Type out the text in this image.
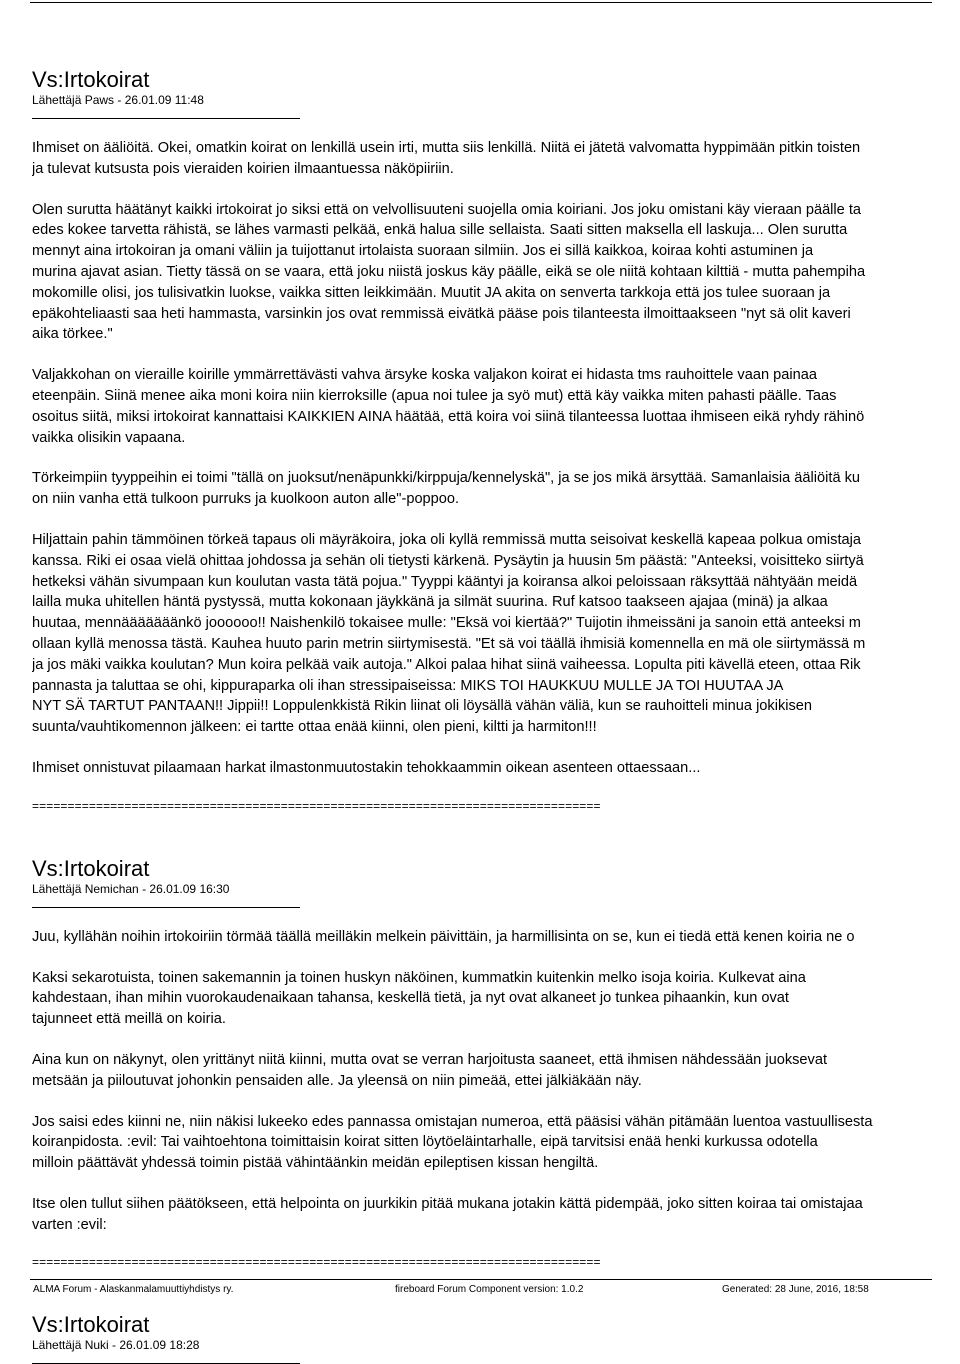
Vs:Irtokoirat
Lähettäjä Paws - 26.01.09 11:48
Ihmiset on ääliöitä. Okei, omatkin koirat on lenkillä usein irti, mutta siis lenkillä. Niitä ei jätetä valvomatta hyppimään pitkin toisten
ja tulevat kutsusta pois vieraiden koirien ilmaantuessa näköpiiriin.
Olen surutta häätänyt kaikki irtokoirat jo siksi että on velvollisuuteni suojella omia koiriani. Jos joku omistani käy vieraan päälle ta
edes kokee tarvetta rähistä, se lähes varmasti pelkää, enkä halua sille sellaista. Saati sitten maksella ell laskuja... Olen surutta
mennyt aina irtokoiran ja omani väliin ja tuijottanut irtolaista suoraan silmiin. Jos ei sillä kaikkoa, koiraa kohti astuminen ja
murina ajavat asian. Tietty tässä on se vaara, että joku niistä joskus käy päälle, eikä se ole niitä kohtaan kilttiä - mutta pahempiha
mokomille olisi, jos tulisivatkin luokse, vaikka sitten leikkimään. Muutit JA akita on senverta tarkkoja että jos tulee suoraan ja
epäkohteliaasti saa heti hammasta, varsinkin jos ovat remmissä eivätkä pääse pois tilanteesta ilmoittaakseen "nyt sä olit kaveri
aika törkee."
Valjakkohan on vieraille koirille ymmärrettävästi vahva ärsyke koska valjakon koirat ei hidasta tms rauhoittele vaan painaa
eteenpäin. Siinä menee aika moni koira niin kierroksille (apua noi tulee ja syö mut) että käy vaikka miten pahasti päälle. Taas
osoitus siitä, miksi irtokoirat kannattaisi KAIKKIEN AINA häätää, että koira voi siinä tilanteessa luottaa ihmiseen eikä ryhdy rähinö
vaikka olisikin vapaana.
Törkeimpiin tyyppeihin ei toimi "tällä on juoksut/nenäpunkki/kirppuja/kennelyskä", ja se jos mikä ärsyttää. Samanlaisia ääliöitä ku
on niin vanha että tulkoon purruks ja kuolkoon auton alle"-poppoo.
Hiljattain pahin tämmöinen törkeä tapaus oli mäyräkoira, joka oli kyllä remmissä mutta seisoivat keskellä kapeaa polkua omistaja
kanssa. Riki ei osaa vielä ohittaa johdossa ja sehän oli tietysti kärkenä. Pysäytin ja huusin 5m päästä: "Anteeksi, voisitteko siirtyä
hetkeksi vähän sivumpaan kun koulutan vasta tätä pojua." Tyyppi kääntyi ja koiransa alkoi peloissaan räksyttää nähtyään meidä
lailla muka uhitellen häntä pystyssä, mutta kokonaan jäykkänä ja silmät suurina. Ruf katsoo taakseen ajajaa (minä) ja alkaa
huutaa, mennääääääänkö joooooo!! Naishenkilö tokaisee mulle: "Eksä voi kiertää?" Tuijotin ihmeissäni ja sanoin että anteeksi m
ollaan kyllä menossa tästä. Kauhea huuto parin metrin siirtymisestä. "Et sä voi täällä ihmisiä komennella en mä ole siirtymässä m
ja jos mäki vaikka koulutan? Mun koira pelkää vaik autoja." Alkoi palaa hihat siinä vaiheessa. Lopulta piti kävellä eteen, ottaa Rik
pannasta ja taluttaa se ohi, kippuraparka oli ihan stressipaiseissa: MIKS TOI HAUKKUU MULLE JA TOI HUUTAA JA
NYT SÄ TARTUT PANTAAN!! Jippii!! Loppulenkkistä Rikin liinat oli löysällä vähän väliä, kun se rauhoitteli minua jokikisen
suunta/vauhtikomennon jälkeen: ei tartte ottaa enää kiinni, olen pieni, kiltti ja harmiton!!!
Ihmiset onnistuvat pilaamaan harkat ilmastonmuutostakin tehokkaammin oikean asenteen ottaessaan...
================================================================================
Vs:Irtokoirat
Lähettäjä Nemichan - 26.01.09 16:30
Juu, kyllähän noihin irtokoiriin törmää täällä meilläkin melkein päivittäin, ja harmillisinta on se, kun ei tiedä että kenen koiria ne o
Kaksi sekarotuista, toinen sakemannin ja toinen huskyn näköinen, kummatkin kuitenkin melko isoja koiria. Kulkevat aina
kahdestaan, ihan mihin vuorokaudenaikaan tahansa, keskellä tietä, ja nyt ovat alkaneet jo tunkea pihaankin, kun ovat
tajunneet että meillä on koiria.
Aina kun on näkynyt, olen yrittänyt niitä kiinni, mutta ovat se verran harjoitusta saaneet, että ihmisen nähdessään juoksevat
metsään ja piiloutuvat johonkin pensaiden alle. Ja yleensä on niin pimeää, ettei jälkiäkään näy.
Jos saisi edes kiinni ne, niin näkisi lukeeko edes pannassa omistajan numeroa, että pääsisi vähän pitämään luentoa vastuullisesta
koiranpidosta. :evil: Tai vaihtoehtona toimittaisin koirat sitten löytöeläintarhalle, eipä tarvitsisi enää henki kurkussa odotella
milloin päättävät yhdessä toimin pistää vähintäänkin meidän epileptisen kissan hengiltä.
Itse olen tullut siihen päätökseen, että helpointa on juurkikin pitää mukana jotakin kättä pidempää, joko sitten koiraa tai omistajaa
varten :evil:
================================================================================
Vs:Irtokoirat
Lähettäjä Nuki - 26.01.09 18:28
ALMA Forum - Alaskanmalamuuttiyhdistys ry.	fireboard Forum Component version: 1.0.2	Generated: 28 June, 2016, 18:58
